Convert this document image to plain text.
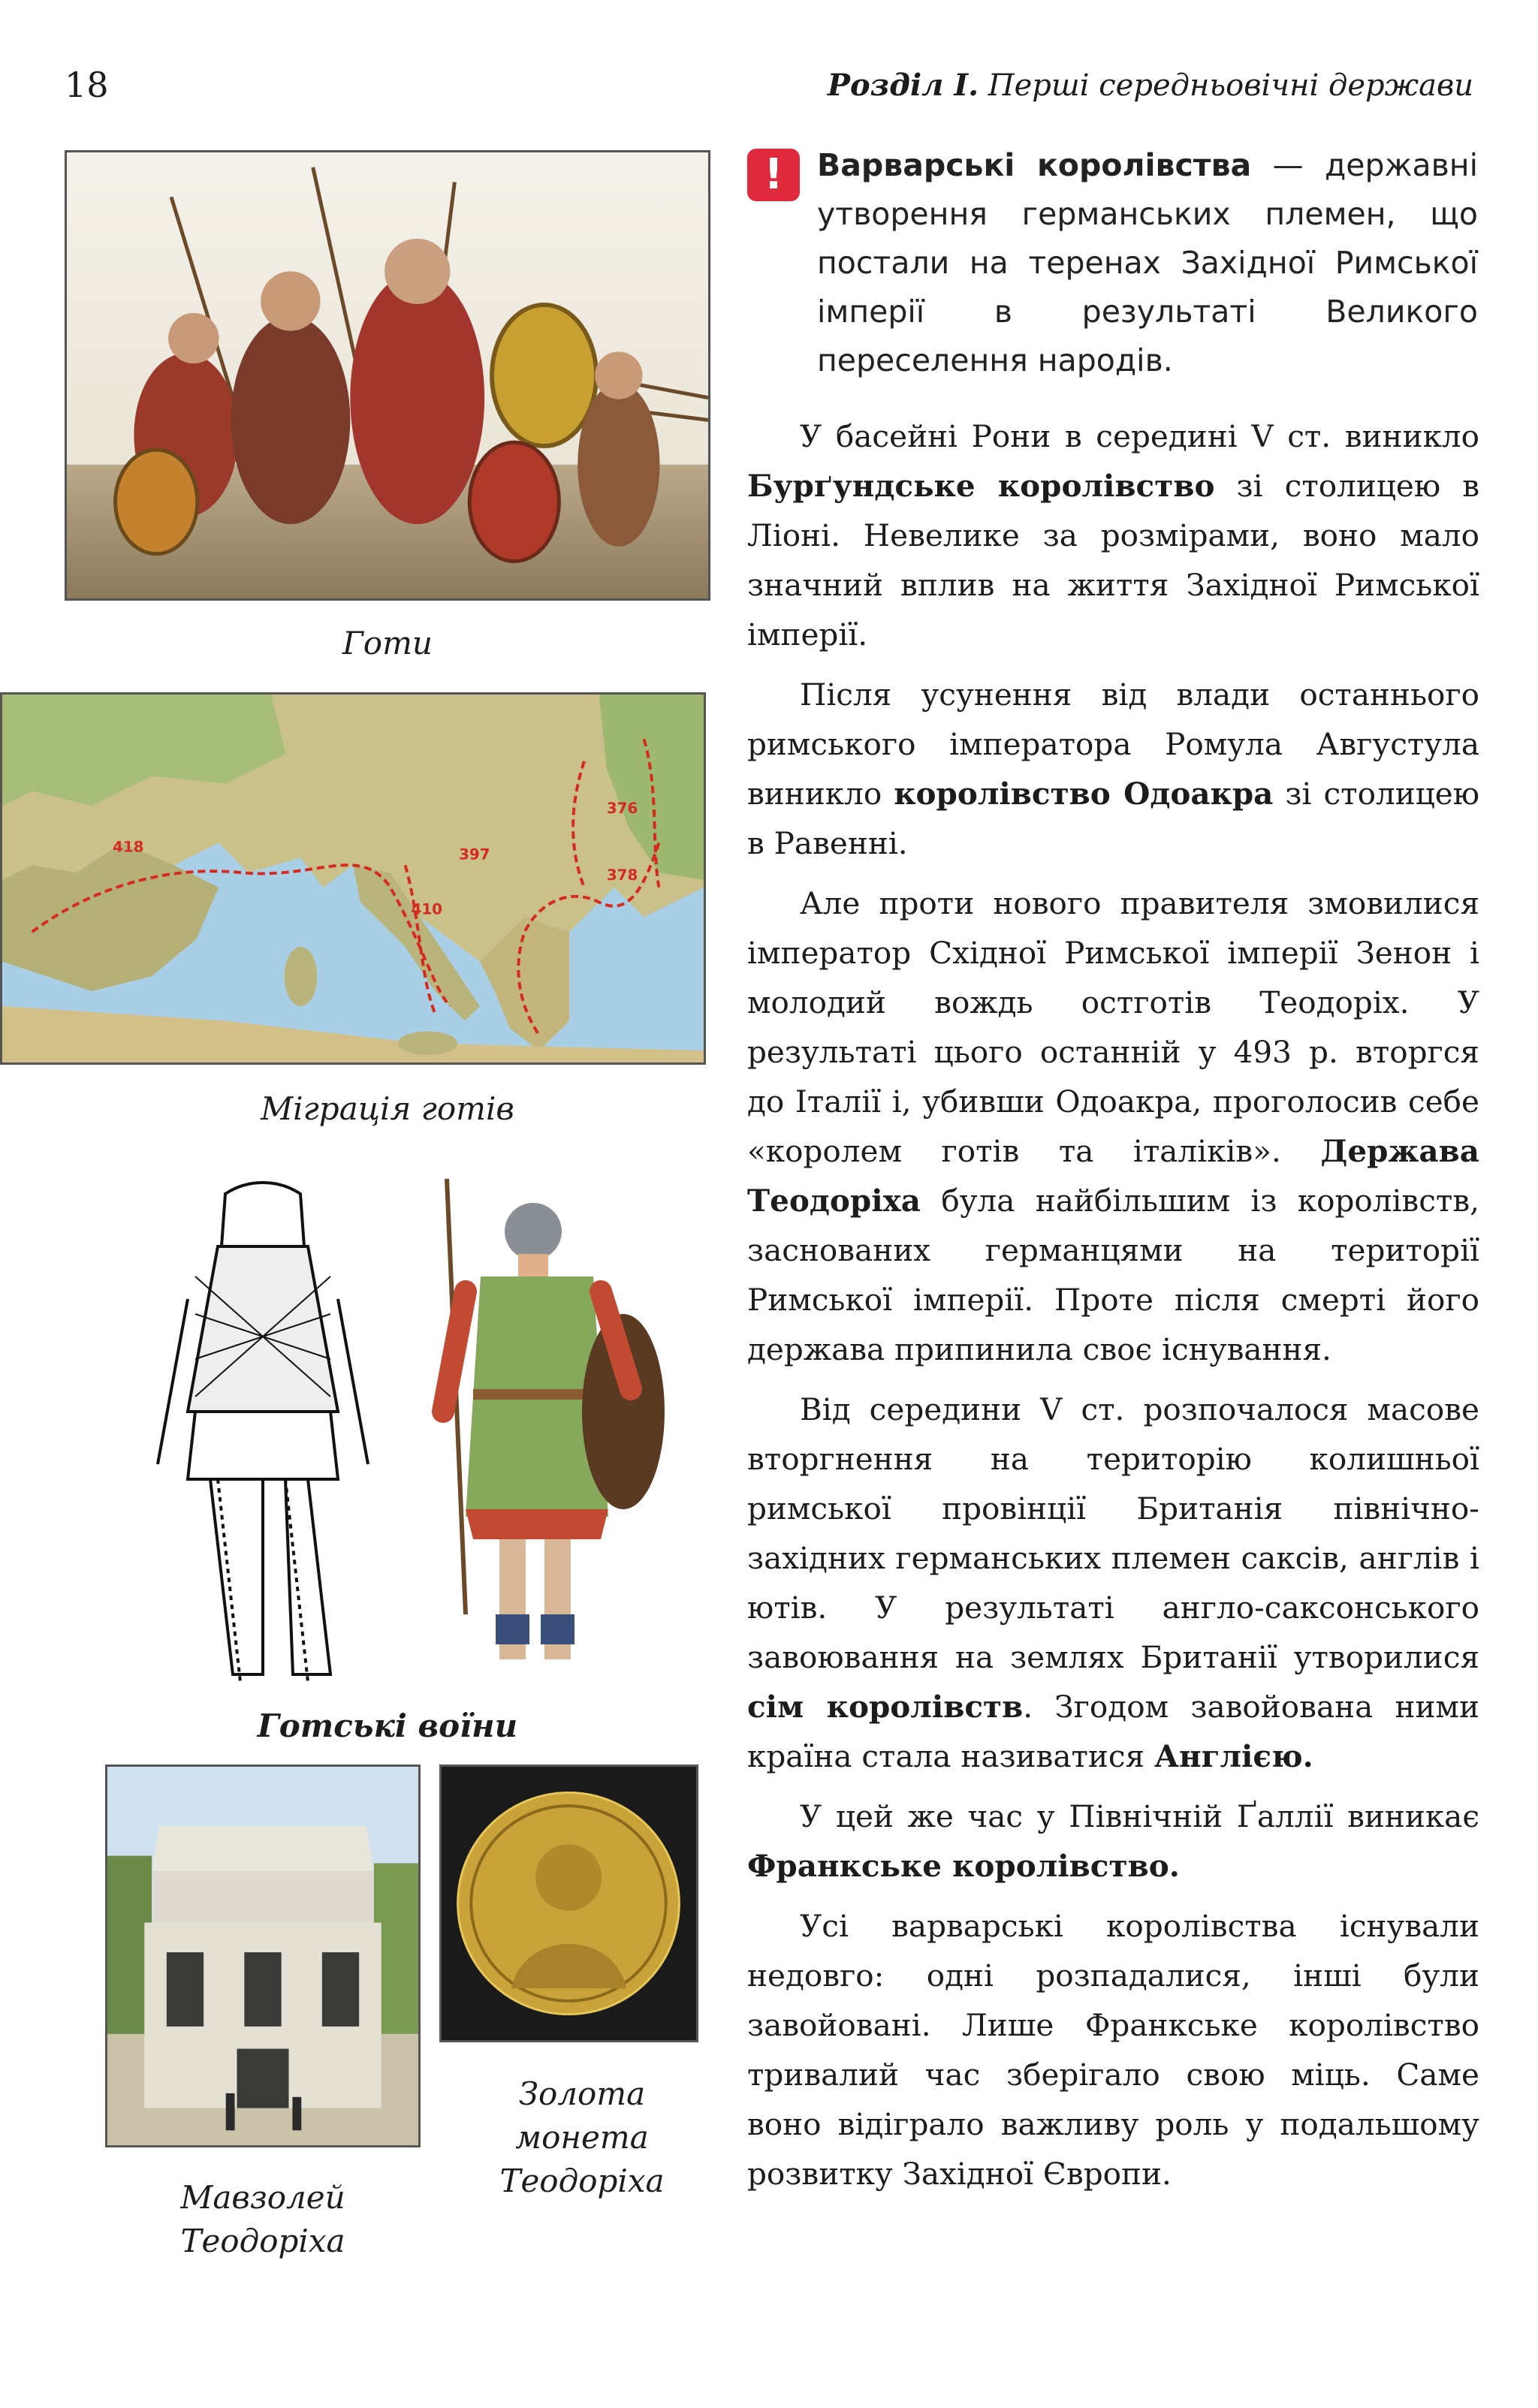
18	Розділ I. Перші середньовічні держави
Готи
418
410
397
376
378
Міграція готів
Готські воїни
Мавзолей Теодоріха
Золота монета Теодоріха
!	Варварські королівства — державні утворення германських племен, що постали на теренах Західної Римської імперії в результаті Великого переселення народів.

У басейні Рони в середині V ст. виникло Бурґундське королівство зі столицею в Ліоні. Невелике за розмірами, воно мало значний вплив на життя Західної Римської імперії.

Після усунення від влади останнього римського імператора Ромула Августула виникло королівство Одоакра зі столицею в Равенні.

Але проти нового правителя змовилися імператор Східної Римської імперії Зенон і молодий вождь остготів Теодоріх. У результаті цього останній у 493 р. вторгся до Італії і, убивши Одоакра, проголосив себе «королем готів та італіків». Держава Теодоріха була найбільшим із королівств, заснованих германцями на території Римської імперії. Проте після смерті його держава припинила своє існування.

Від середини V ст. розпочалося масове вторгнення на територію колишньої римської провінції Британія північно-західних германських племен саксів, англів і ютів. У результаті англо-саксонського завоювання на землях Британії утворилися сім королівств. Згодом завойована ними країна стала називатися Англією.

У цей же час у Північній Ґаллії виникає Франкське королівство.

Усі варварські королівства існували недовго: одні розпадалися, інші були завойовані. Лише Франкське королівство тривалий час зберігало свою міць. Саме воно відіграло важливу роль у подальшому розвитку Західної Європи.
